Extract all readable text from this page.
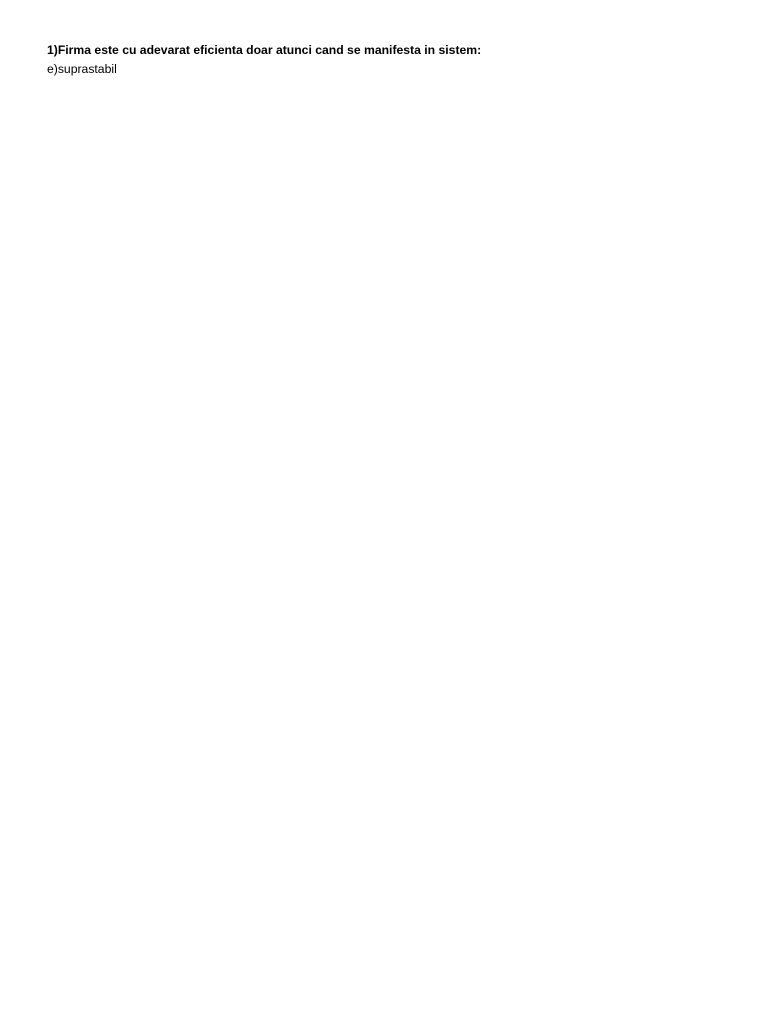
1)Firma este cu adevarat eficienta doar atunci cand se manifesta in sistem:

e)suprastabil
